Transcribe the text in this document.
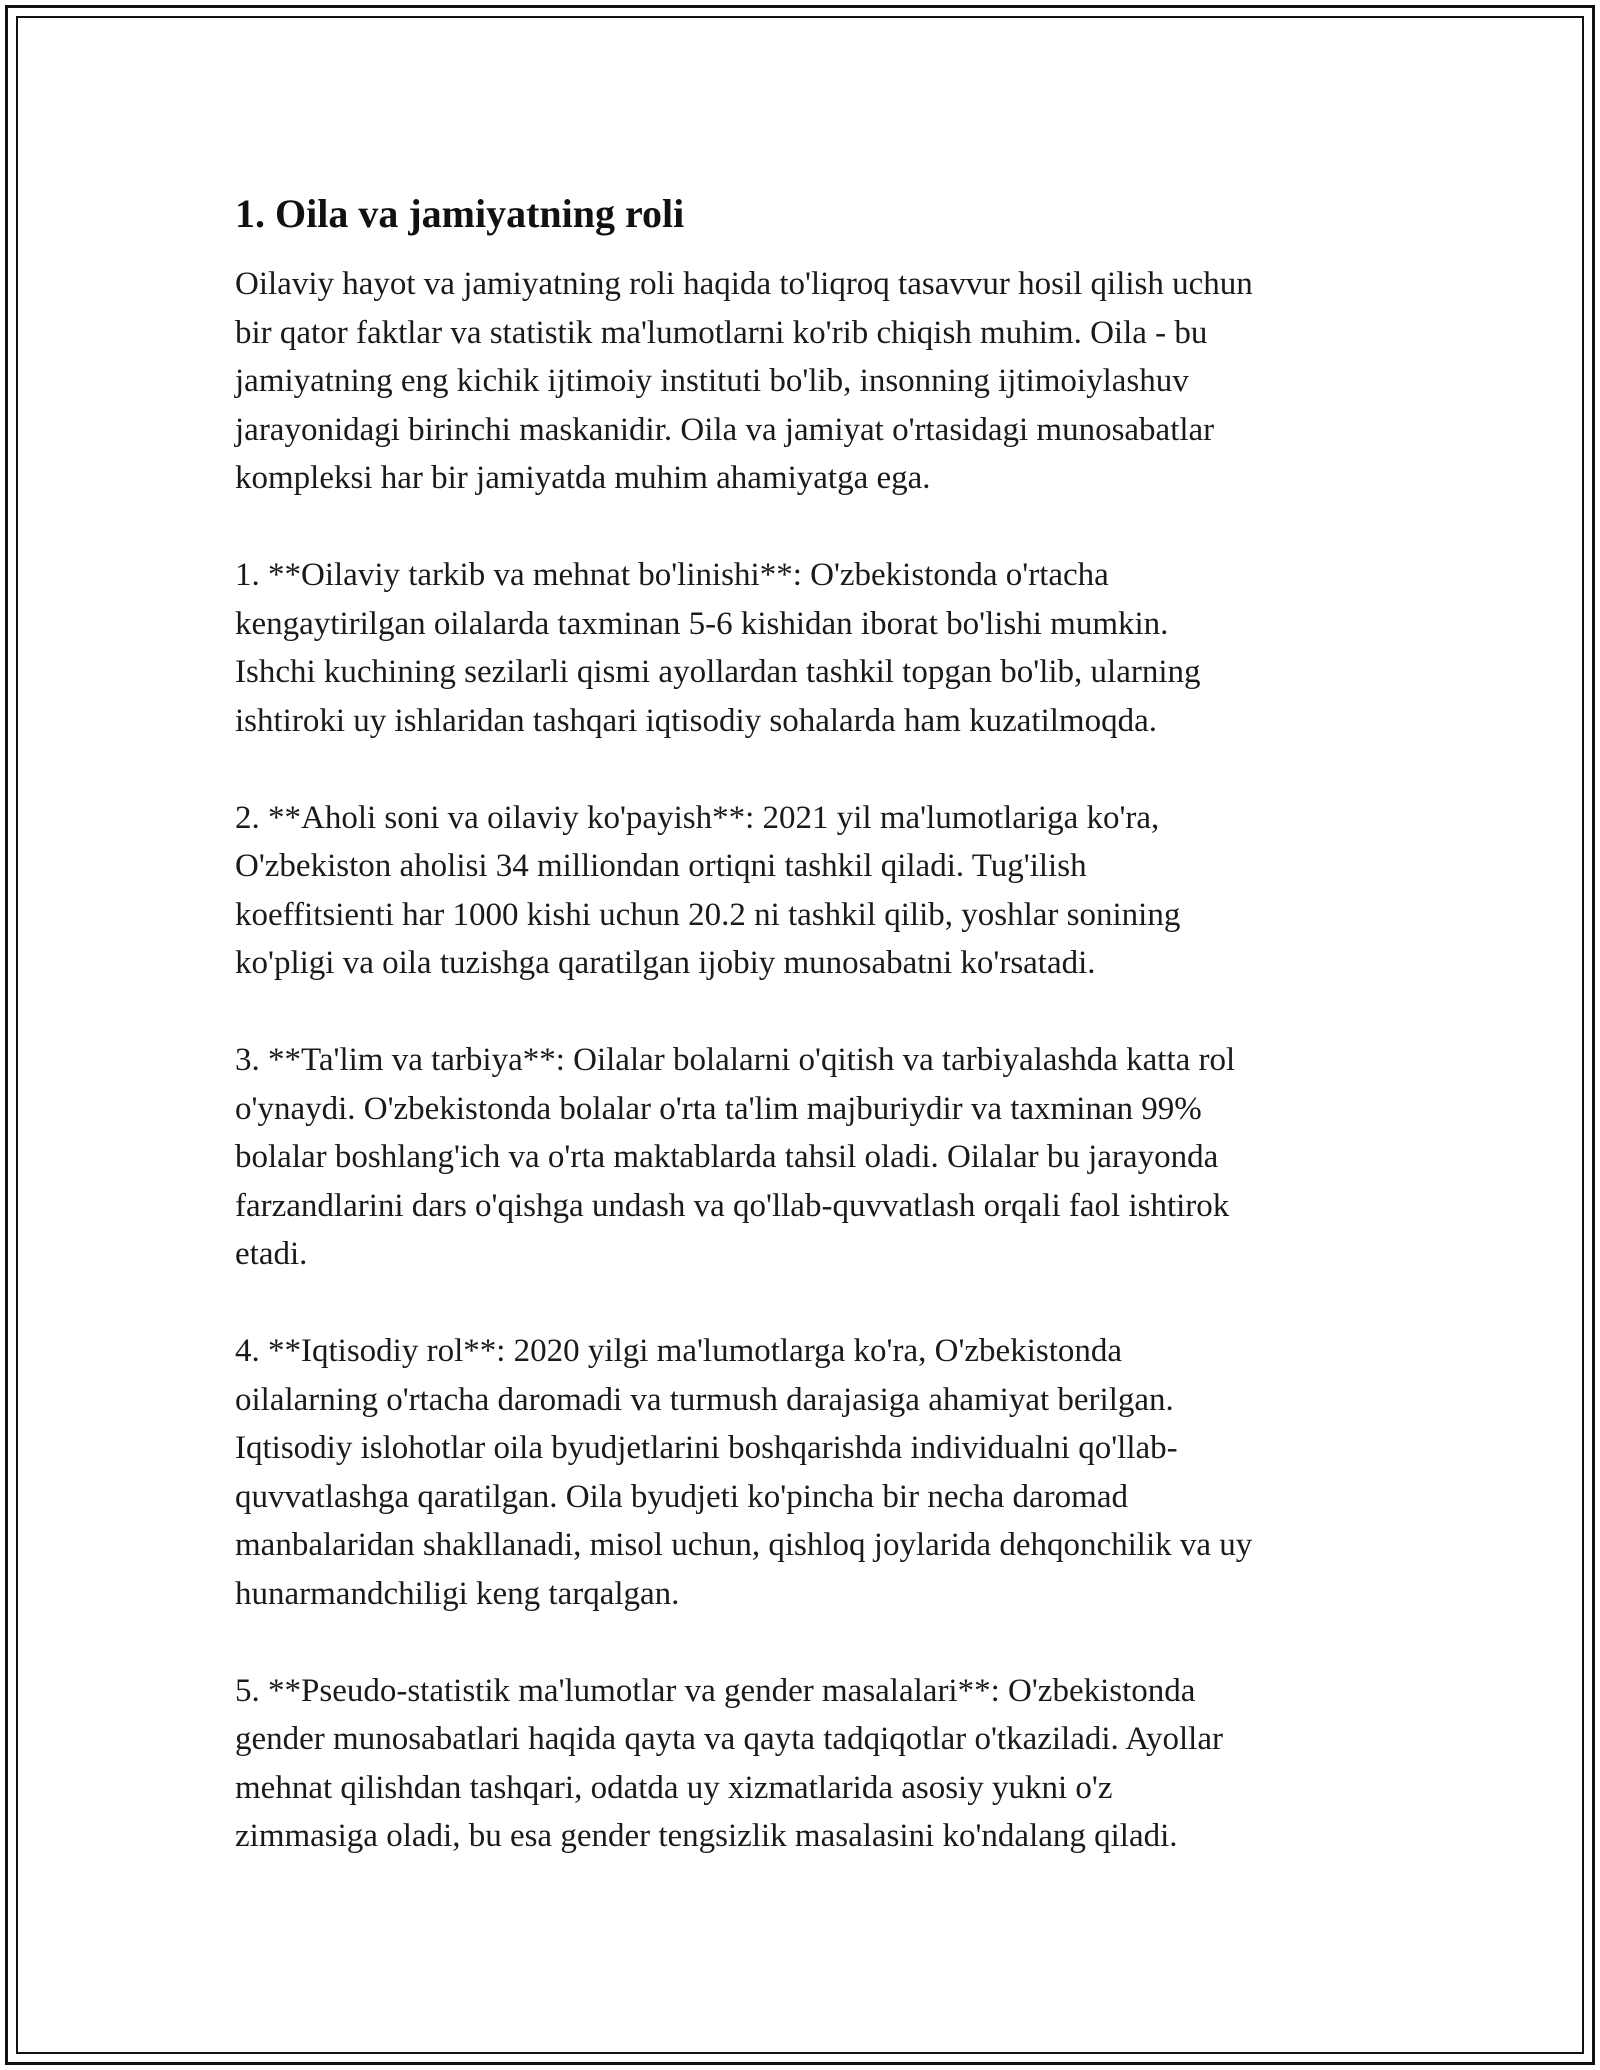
1. Oila va jamiyatning roli

Oilaviy hayot va jamiyatning roli haqida to'liqroq tasavvur hosil qilish uchun
bir qator faktlar va statistik ma'lumotlarni ko'rib chiqish muhim. Oila - bu
jamiyatning eng kichik ijtimoiy instituti bo'lib, insonning ijtimoiylashuv
jarayonidagi birinchi maskanidir. Oila va jamiyat o'rtasidagi munosabatlar
kompleksi har bir jamiyatda muhim ahamiyatga ega.

1. **Oilaviy tarkib va mehnat bo'linishi**: O'zbekistonda o'rtacha
kengaytirilgan oilalarda taxminan 5-6 kishidan iborat bo'lishi mumkin.
Ishchi kuchining sezilarli qismi ayollardan tashkil topgan bo'lib, ularning
ishtiroki uy ishlaridan tashqari iqtisodiy sohalarda ham kuzatilmoqda.

2. **Aholi soni va oilaviy ko'payish**: 2021 yil ma'lumotlariga ko'ra,
O'zbekiston aholisi 34 milliondan ortiqni tashkil qiladi. Tug'ilish
koeffitsienti har 1000 kishi uchun 20.2 ni tashkil qilib, yoshlar sonining
ko'pligi va oila tuzishga qaratilgan ijobiy munosabatni ko'rsatadi.

3. **Ta'lim va tarbiya**: Oilalar bolalarni o'qitish va tarbiyalashda katta rol
o'ynaydi. O'zbekistonda bolalar o'rta ta'lim majburiydir va taxminan 99%
bolalar boshlang'ich va o'rta maktablarda tahsil oladi. Oilalar bu jarayonda
farzandlarini dars o'qishga undash va qo'llab-quvvatlash orqali faol ishtirok
etadi.

4. **Iqtisodiy rol**: 2020 yilgi ma'lumotlarga ko'ra, O'zbekistonda
oilalarning o'rtacha daromadi va turmush darajasiga ahamiyat berilgan.
Iqtisodiy islohotlar oila byudjetlarini boshqarishda individualni qo'llab-
quvvatlashga qaratilgan. Oila byudjeti ko'pincha bir necha daromad
manbalaridan shakllanadi, misol uchun, qishloq joylarida dehqonchilik va uy
hunarmandchiligi keng tarqalgan.

5. **Pseudo-statistik ma'lumotlar va gender masalalari**: O'zbekistonda
gender munosabatlari haqida qayta va qayta tadqiqotlar o'tkaziladi. Ayollar
mehnat qilishdan tashqari, odatda uy xizmatlarida asosiy yukni o'z
zimmasiga oladi, bu esa gender tengsizlik masalasini ko'ndalang qiladi.
